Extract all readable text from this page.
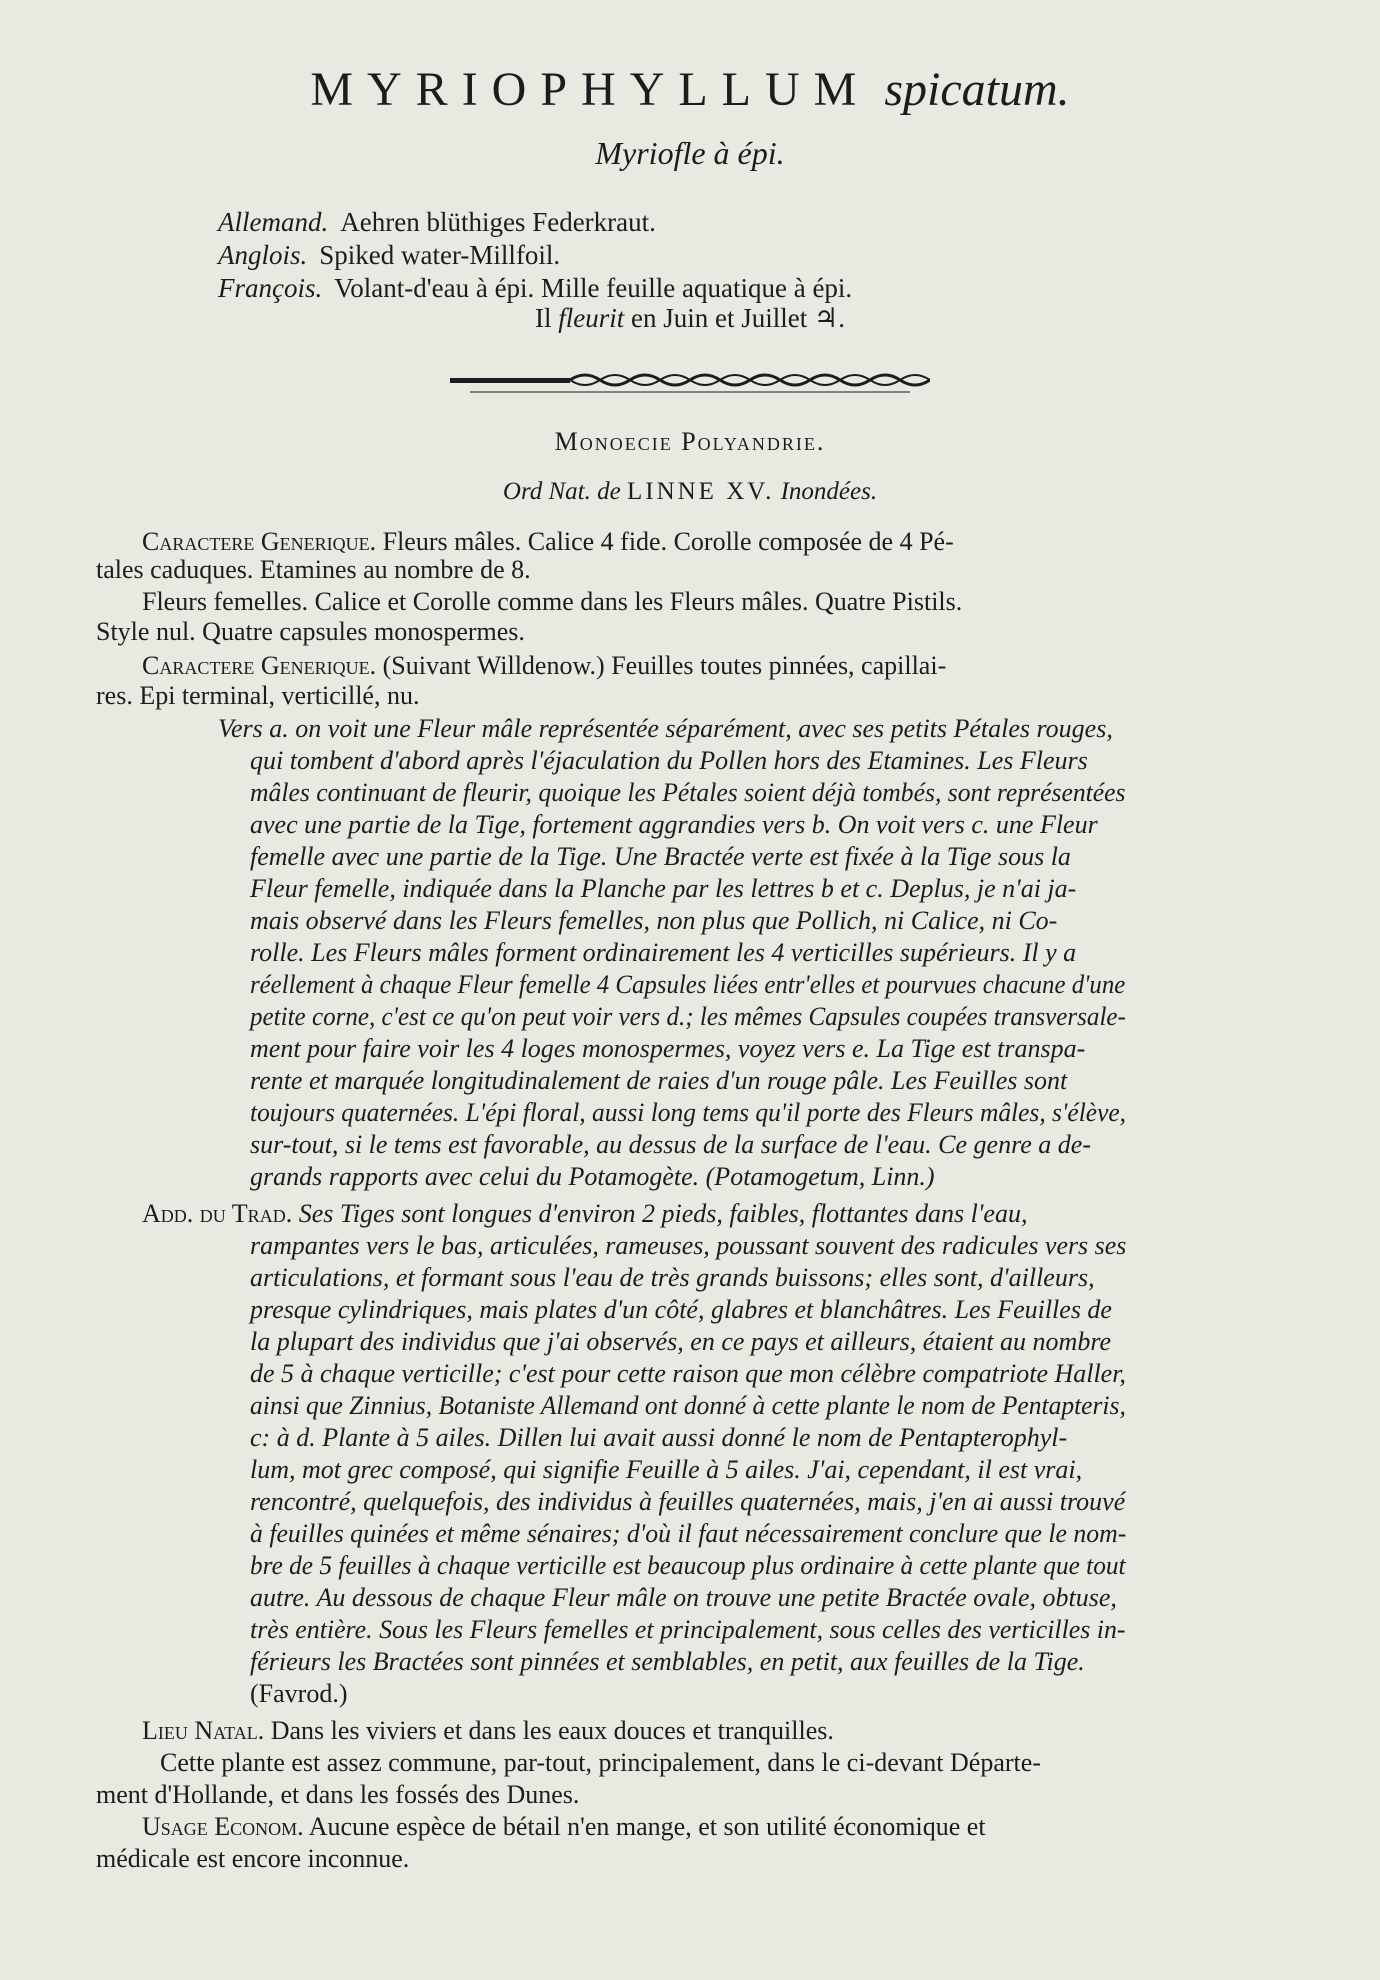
MYRIOPHYLLUM spicatum.
Myriofle à épi.
Allemand. Aehren blüthiges Federkraut.
Anglois. Spiked water-Millfoil.
François. Volant-d'eau à épi. Mille feuille aquatique à épi.
Il fleurit en Juin et Juillet ♃.
Monoecie Polyandrie.
Ord Nat. de LINNE XV. Inondées.
Caractere Generique. Fleurs mâles. Calice 4 fide. Corolle composée de 4 Pé-
tales caduques. Etamines au nombre de 8.
Fleurs femelles. Calice et Corolle comme dans les Fleurs mâles. Quatre Pistils.
Style nul. Quatre capsules monospermes.
Caractere Generique. (Suivant Willdenow.) Feuilles toutes pinnées, capillai-
res. Epi terminal, verticillé, nu.
Vers a. on voit une Fleur mâle représentée séparément, avec ses petits Pétales rouges,
qui tombent d'abord après l'éjaculation du Pollen hors des Etamines. Les Fleurs
mâles continuant de fleurir, quoique les Pétales soient déjà tombés, sont représentées
avec une partie de la Tige, fortement aggrandies vers b. On voit vers c. une Fleur
femelle avec une partie de la Tige. Une Bractée verte est fixée à la Tige sous la
Fleur femelle, indiquée dans la Planche par les lettres b et c. Deplus, je n'ai ja-
mais observé dans les Fleurs femelles, non plus que Pollich, ni Calice, ni Co-
rolle. Les Fleurs mâles forment ordinairement les 4 verticilles supérieurs. Il y a
réellement à chaque Fleur femelle 4 Capsules liées entr'elles et pourvues chacune d'une
petite corne, c'est ce qu'on peut voir vers d.; les mêmes Capsules coupées transversale-
ment pour faire voir les 4 loges monospermes, voyez vers e. La Tige est transpa-
rente et marquée longitudinalement de raies d'un rouge pâle. Les Feuilles sont
toujours quaternées. L'épi floral, aussi long tems qu'il porte des Fleurs mâles, s'élève,
sur-tout, si le tems est favorable, au dessus de la surface de l'eau. Ce genre a de-
grands rapports avec celui du Potamogète. (Potamogetum, Linn.)
Add. du Trad. Ses Tiges sont longues d'environ 2 pieds, faibles, flottantes dans l'eau,
rampantes vers le bas, articulées, rameuses, poussant souvent des radicules vers ses
articulations, et formant sous l'eau de très grands buissons; elles sont, d'ailleurs,
presque cylindriques, mais plates d'un côté, glabres et blanchâtres. Les Feuilles de
la plupart des individus que j'ai observés, en ce pays et ailleurs, étaient au nombre
de 5 à chaque verticille; c'est pour cette raison que mon célèbre compatriote Haller,
ainsi que Zinnius, Botaniste Allemand ont donné à cette plante le nom de Pentapteris,
c: à d. Plante à 5 ailes. Dillen lui avait aussi donné le nom de Pentapterophyl-
lum, mot grec composé, qui signifie Feuille à 5 ailes. J'ai, cependant, il est vrai,
rencontré, quelquefois, des individus à feuilles quaternées, mais, j'en ai aussi trouvé
à feuilles quinées et même sénaires; d'où il faut nécessairement conclure que le nom-
bre de 5 feuilles à chaque verticille est beaucoup plus ordinaire à cette plante que tout
autre. Au dessous de chaque Fleur mâle on trouve une petite Bractée ovale, obtuse,
très entière. Sous les Fleurs femelles et principalement, sous celles des verticilles in-
férieurs les Bractées sont pinnées et semblables, en petit, aux feuilles de la Tige.
(Favrod.)
Lieu Natal. Dans les viviers et dans les eaux douces et tranquilles.
Cette plante est assez commune, par-tout, principalement, dans le ci-devant Départe-
ment d'Hollande, et dans les fossés des Dunes.
Usage Econom. Aucune espèce de bétail n'en mange, et son utilité économique et
médicale est encore inconnue.
